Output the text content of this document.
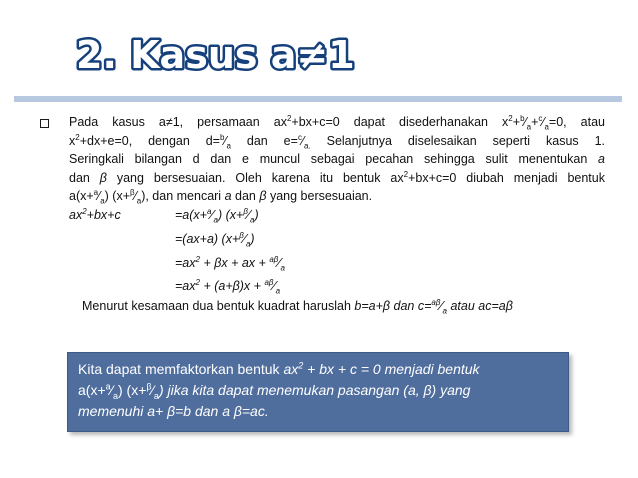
2. Kasus a≠1
Pada kasus a≠1, persamaan $ax^2+bx+c=0$ dapat disederhanakan $x^2+^b⁄_a+^c⁄_a=0$, atau
$x^2+dx+e=0$, dengan $d=^b⁄_a$ dan $e=^c⁄_{a.}$ Selanjutnya diselesaikan seperti kasus 1.
Seringkali bilangan d dan e muncul sebagai pecahan sehingga sulit menentukan a
dan β yang bersesuaian. Oleh karena itu bentuk $ax^2+bx+c=0$ diubah menjadi bentuk
$a(x+^a⁄_a)$ $(x+^\beta⁄_a)$, dan mencari a dan β yang bersesuaian.
$ax^2+bx+c$	$=a(x+^a⁄_a)$ $(x+^\beta⁄_a)$
=(ax+a) $(x+^\beta⁄_a)$
$=ax^2 + \beta x$ + ax + $^{a\beta}⁄_a$
$=ax^2 + (a+\beta)x$ + $^{a\beta}⁄_a$
Menurut kesamaan dua bentuk kuadrat haruslah b=a+β dan $c=^{a\beta}⁄_a$ atau ac=aβ
Kita dapat memfaktorkan bentuk $ax^2$ + bx + c = 0 menjadi bentuk
$a(x+^a⁄_a)$ $(x+^\beta⁄_a)$ jika kita dapat menemukan pasangan (a, β) yang
memenuhi a+ β=b dan a β=ac.
